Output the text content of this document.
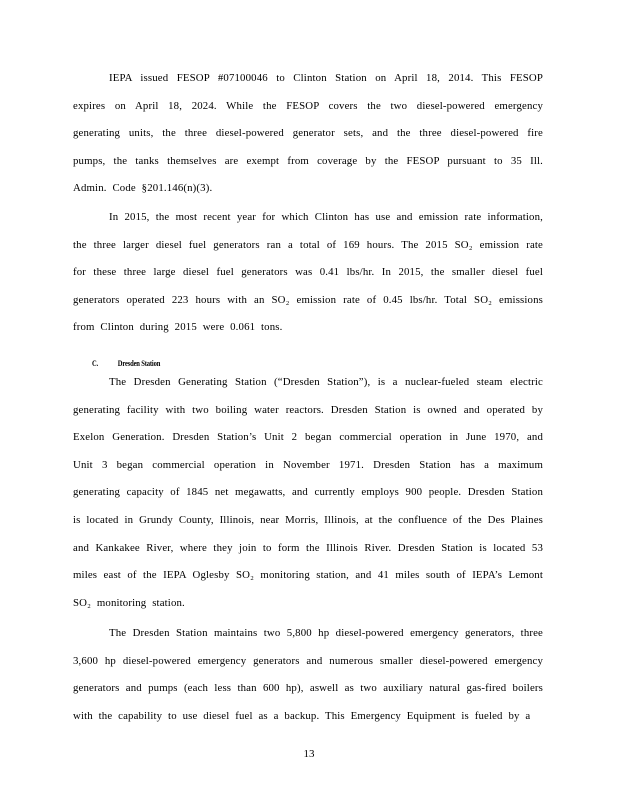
IEPA issued FESOP #07100046 to Clinton Station on April 18, 2014. This FESOP expires on April 18, 2024. While the FESOP covers the two diesel-powered emergency generating units, the three diesel-powered generator sets, and the three diesel-powered fire pumps, the tanks themselves are exempt from coverage by the FESOP pursuant to 35 Ill. Admin. Code §201.146(n)(3).

In 2015, the most recent year for which Clinton has use and emission rate information, the three larger diesel fuel generators ran a total of 169 hours. The 2015 SO₂ emission rate for these three large diesel fuel generators was 0.41 lbs/hr. In 2015, the smaller diesel fuel generators operated 223 hours with an SO₂ emission rate of 0.45 lbs/hr. Total SO₂ emissions from Clinton during 2015 were 0.061 tons.

C. Dresden Station

The Dresden Generating Station (“Dresden Station”), is a nuclear-fueled steam electric generating facility with two boiling water reactors. Dresden Station is owned and operated by Exelon Generation. Dresden Station’s Unit 2 began commercial operation in June 1970, and Unit 3 began commercial operation in November 1971. Dresden Station has a maximum generating capacity of 1845 net megawatts, and currently employs 900 people. Dresden Station is located in Grundy County, Illinois, near Morris, Illinois, at the confluence of the Des Plaines and Kankakee River, where they join to form the Illinois River. Dresden Station is located 53 miles east of the IEPA Oglesby SO₂ monitoring station, and 41 miles south of IEPA’s Lemont SO₂ monitoring station.

The Dresden Station maintains two 5,800 hp diesel-powered emergency generators, three 3,600 hp diesel-powered emergency generators and numerous smaller diesel-powered emergency generators and pumps (each less than 600 hp), aswell as two auxiliary natural gas-fired boilers with the capability to use diesel fuel as a backup. This Emergency Equipment is fueled by a

13
